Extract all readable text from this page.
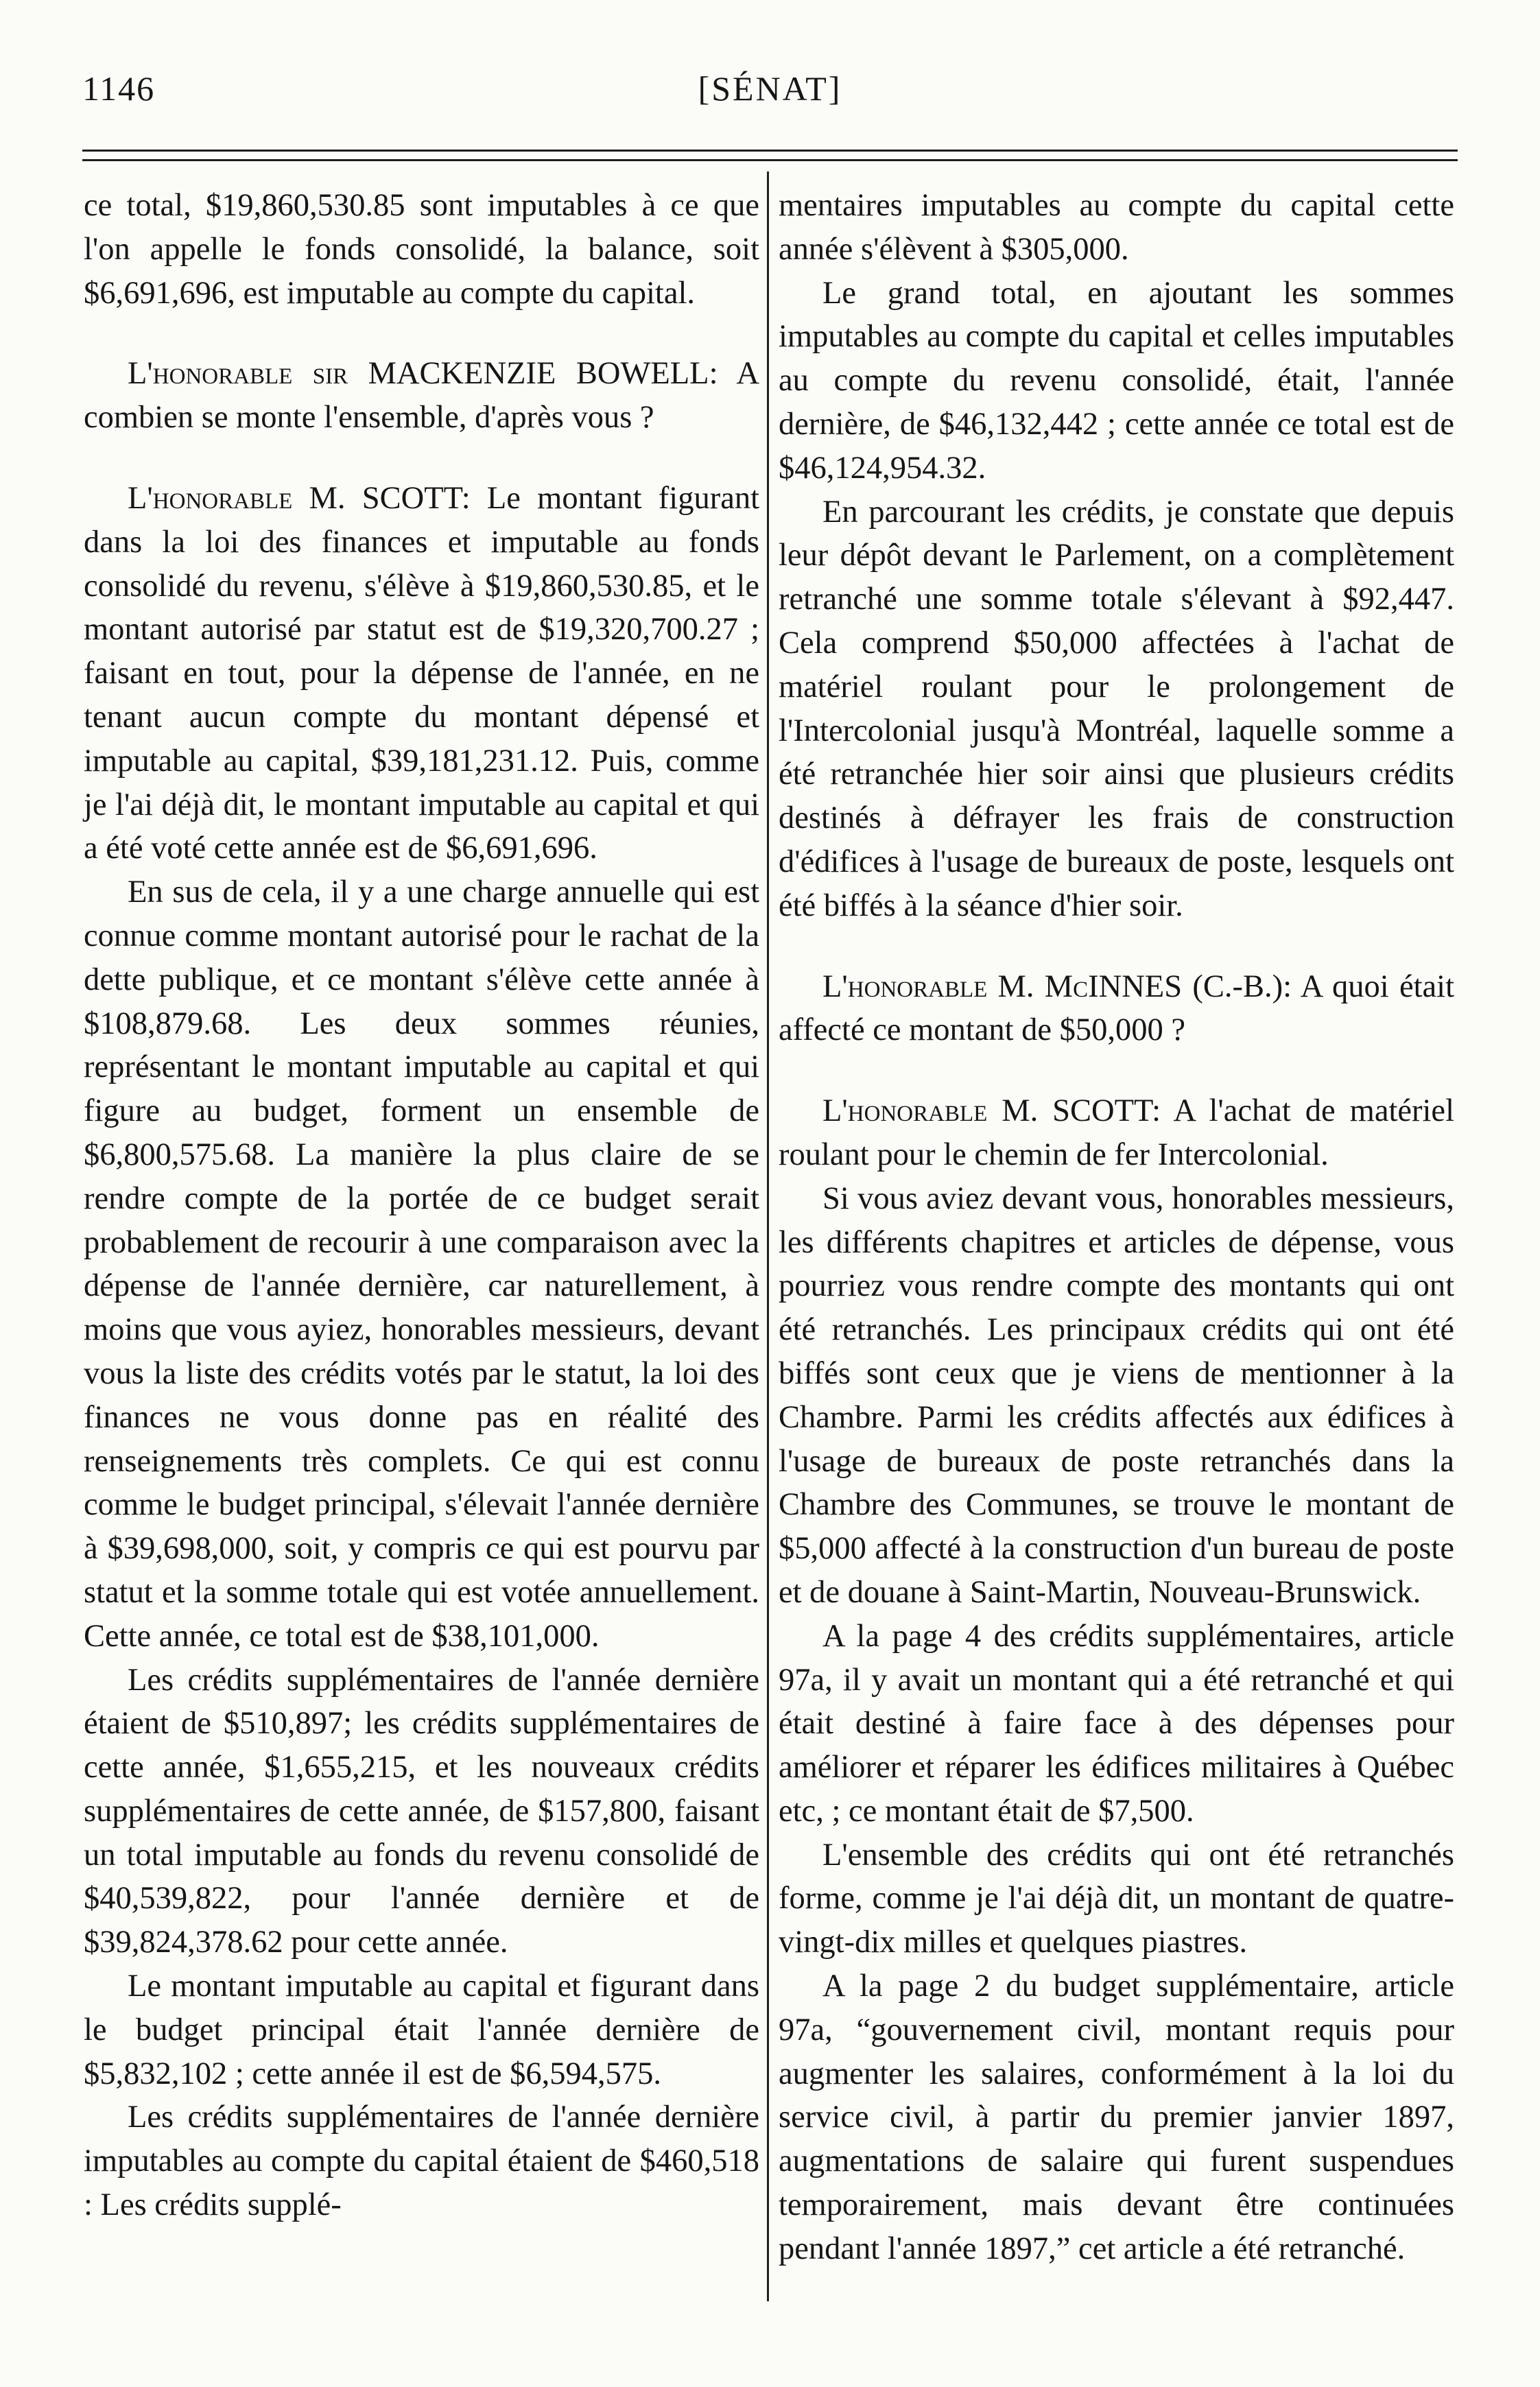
1146	[SÉNAT]

ce total, $19,860,530.85 sont imputables à ce que l'on appelle le fonds consolidé, la balance, soit $6,691,696, est imputable au compte du capital.

L'honorable sir MACKENZIE BOWELL: A combien se monte l'ensemble, d'après vous ?

L'honorable M. SCOTT: Le montant figurant dans la loi des finances et imputable au fonds consolidé du revenu, s'élève à $19,860,530.85, et le montant autorisé par statut est de $19,320,700.27 ; faisant en tout, pour la dépense de l'année, en ne tenant aucun compte du montant dépensé et imputable au capital, $39,181,231.12. Puis, comme je l'ai déjà dit, le montant imputable au capital et qui a été voté cette année est de $6,691,696.

En sus de cela, il y a une charge annuelle qui est connue comme montant autorisé pour le rachat de la dette publique, et ce montant s'élève cette année à $108,879.68. Les deux sommes réunies, représentant le montant imputable au capital et qui figure au budget, forment un ensemble de $6,800,575.68. La manière la plus claire de se rendre compte de la portée de ce budget serait probablement de recourir à une comparaison avec la dépense de l'année dernière, car naturellement, à moins que vous ayiez, honorables messieurs, devant vous la liste des crédits votés par le statut, la loi des finances ne vous donne pas en réalité des renseignements très complets. Ce qui est connu comme le budget principal, s'élevait l'année dernière à $39,698,000, soit, y compris ce qui est pourvu par statut et la somme totale qui est votée annuellement. Cette année, ce total est de $38,101,000.

Les crédits supplémentaires de l'année dernière étaient de $510,897; les crédits supplémentaires de cette année, $1,655,215, et les nouveaux crédits supplémentaires de cette année, de $157,800, faisant un total imputable au fonds du revenu consolidé de $40,539,822, pour l'année dernière et de $39,824,378.62 pour cette année.

Le montant imputable au capital et figurant dans le budget principal était l'année dernière de $5,832,102 ; cette année il est de $6,594,575.

Les crédits supplémentaires de l'année dernière imputables au compte du capital étaient de $460,518 : Les crédits supplé-

mentaires imputables au compte du capital cette année s'élèvent à $305,000.

Le grand total, en ajoutant les sommes imputables au compte du capital et celles imputables au compte du revenu consolidé, était, l'année dernière, de $46,132,442 ; cette année ce total est de $46,124,954.32.

En parcourant les crédits, je constate que depuis leur dépôt devant le Parlement, on a complètement retranché une somme totale s'élevant à $92,447. Cela comprend $50,000 affectées à l'achat de matériel roulant pour le prolongement de l'Intercolonial jusqu'à Montréal, laquelle somme a été retranchée hier soir ainsi que plusieurs crédits destinés à défrayer les frais de construction d'édifices à l'usage de bureaux de poste, lesquels ont été biffés à la séance d'hier soir.

L'honorable M. McINNES (C.-B.): A quoi était affecté ce montant de $50,000 ?

L'honorable M. SCOTT: A l'achat de matériel roulant pour le chemin de fer Intercolonial.

Si vous aviez devant vous, honorables messieurs, les différents chapitres et articles de dépense, vous pourriez vous rendre compte des montants qui ont été retranchés. Les principaux crédits qui ont été biffés sont ceux que je viens de mentionner à la Chambre. Parmi les crédits affectés aux édifices à l'usage de bureaux de poste retranchés dans la Chambre des Communes, se trouve le montant de $5,000 affecté à la construction d'un bureau de poste et de douane à Saint-Martin, Nouveau-Brunswick.

A la page 4 des crédits supplémentaires, article 97a, il y avait un montant qui a été retranché et qui était destiné à faire face à des dépenses pour améliorer et réparer les édifices militaires à Québec etc, ; ce montant était de $7,500.

L'ensemble des crédits qui ont été retranchés forme, comme je l'ai déjà dit, un montant de quatre-vingt-dix milles et quelques piastres.

A la page 2 du budget supplémentaire, article 97a, “gouvernement civil, montant requis pour augmenter les salaires, conformément à la loi du service civil, à partir du premier janvier 1897, augmentations de salaire qui furent suspendues temporairement, mais devant être continuées pendant l'année 1897,” cet article a été retranché.
